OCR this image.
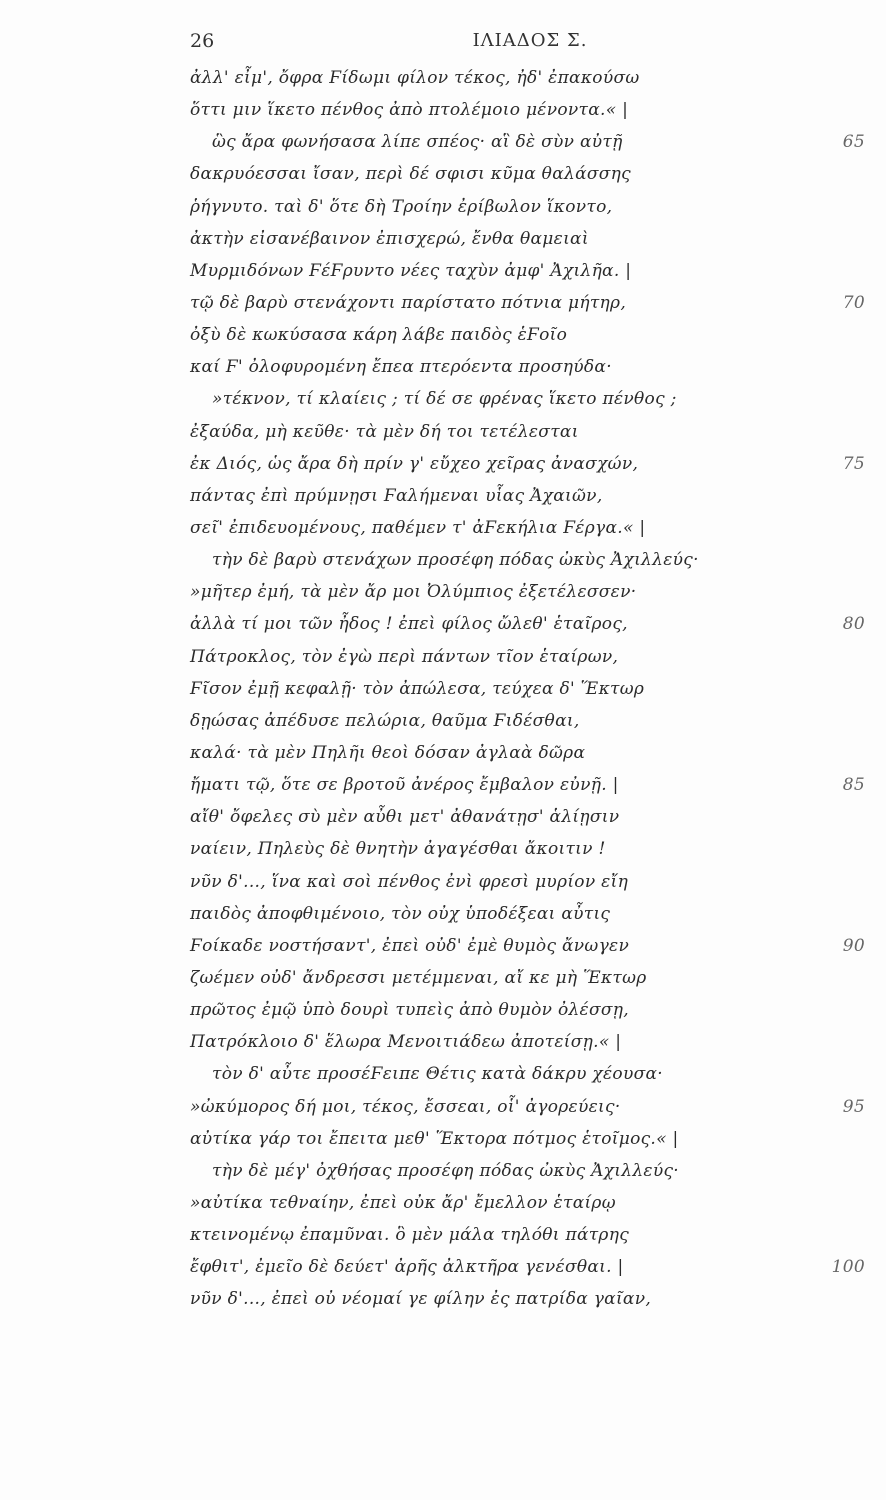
26	ΙΛΙΑΔΟΣ Σ.
ἀλλ' εἶμ', ὄφρα Ϝίδωμι φίλον τέκος, ἠδ' ἐπακούσω
ὅττι μιν ἵκετο πένθος ἀπὸ πτολέμοιο μένοντα.« |
ὣς ἄρα φωνήσασα λίπε σπέος· αἳ δὲ σὺν αὐτῇ	65
δακρυόεσσαι ἴσαν, περὶ δέ σφισι κῦμα θαλάσσης
ῥήγνυτο. ταὶ δ' ὅτε δὴ Τροίην ἐρίβωλον ἵκοντο,
ἀκτὴν εἰσανέβαινον ἐπισχερώ, ἔνθα θαμειαὶ
Μυρμιδόνων ϜέϜρυντο νέες ταχὺν ἀμφ' Ἀχιλῆα. |
τῷ δὲ βαρὺ στενάχοντι παρίστατο πότνια μήτηρ,	70
ὀξὺ δὲ κωκύσασα κάρη λάβε παιδὸς ἑϜοῖο
καί Ϝ' ὀλοφυρομένη ἔπεα πτερόεντα προσηύδα·
»τέκνον, τί κλαίεις ; τί δέ σε φρένας ἵκετο πένθος ;
ἐξαύδα, μὴ κεῦθε· τὰ μὲν δή τοι τετέλεσται
ἐκ Διός, ὡς ἄρα δὴ πρίν γ' εὔχεο χεῖρας ἀνασχών,	75
πάντας ἐπὶ πρύμνῃσι Ϝαλήμεναι υἷας Ἀχαιῶν,
σεῖ' ἐπιδευομένους, παθέμεν τ' ἀϜεκήλια Ϝέργα.« |
τὴν δὲ βαρὺ στενάχων προσέφη πόδας ὠκὺς Ἀχιλλεύς·
»μῆτερ ἐμή, τὰ μὲν ἄρ μοι Ὀλύμπιος ἐξετέλεσσεν·
ἀλλὰ τί μοι τῶν ἦδος ! ἐπεὶ φίλος ὤλεθ' ἑταῖρος,	80
Πάτροκλος, τὸν ἐγὼ περὶ πάντων τῖον ἑταίρων,
Ϝῖσον ἐμῇ κεφαλῇ· τὸν ἀπώλεσα, τεύχεα δ' Ἕκτωρ
δῃώσας ἀπέδυσε πελώρια, θαῦμα Ϝιδέσθαι,
καλά· τὰ μὲν Πηλῆι θεοὶ δόσαν ἀγλαὰ δῶρα
ἤματι τῷ, ὅτε σε βροτοῦ ἀνέρος ἔμβαλον εὐνῇ. |	85
αἴθ' ὄφελες σὺ μὲν αὖθι μετ' ἀθανάτῃσ' ἁλίῃσιν
ναίειν, Πηλεὺς δὲ θνητὴν ἀγαγέσθαι ἄκοιτιν !
νῦν δ'..., ἵνα καὶ σοὶ πένθος ἐνὶ φρεσὶ μυρίον εἴη
παιδὸς ἀποφθιμένοιο, τὸν οὐχ ὑποδέξεαι αὖτις
Ϝοίκαδε νοστήσαντ', ἐπεὶ οὐδ' ἐμὲ θυμὸς ἄνωγεν	90
ζωέμεν οὐδ' ἄνδρεσσι μετέμμεναι, αἴ κε μὴ Ἕκτωρ
πρῶτος ἐμῷ ὑπὸ δουρὶ τυπεὶς ἀπὸ θυμὸν ὀλέσσῃ,
Πατρόκλοιο δ' ἕλωρα Μενοιτιάδεω ἀποτείσῃ.« |
τὸν δ' αὖτε προσέϜειπε Θέτις κατὰ δάκρυ χέουσα·
»ὠκύμορος δή μοι, τέκος, ἔσσεαι, οἷ' ἀγορεύεις·	95
αὐτίκα γάρ τοι ἔπειτα μεθ' Ἕκτορα πότμος ἑτοῖμος.« |
τὴν δὲ μέγ' ὀχθήσας προσέφη πόδας ὠκὺς Ἀχιλλεύς·
»αὐτίκα τεθναίην, ἐπεὶ οὐκ ἄρ' ἔμελλον ἑταίρῳ
κτεινομένῳ ἐπαμῦναι. ὃ μὲν μάλα τηλόθι πάτρης
ἔφθιτ', ἐμεῖο δὲ δεύετ' ἀρῆς ἀλκτῆρα γενέσθαι. |	100
νῦν δ'..., ἐπεὶ οὐ νέομαί γε φίλην ἐς πατρίδα γαῖαν,
